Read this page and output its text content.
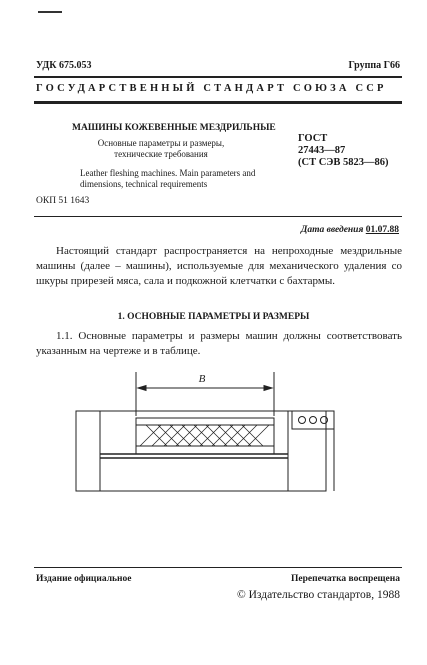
УДК 675.053	Группа Г66
ГОСУДАРСТВЕННЫЙ СТАНДАРТ СОЮЗА ССР
МАШИНЫ КОЖЕВЕННЫЕ МЕЗДРИЛЬНЫЕ
Основные параметры и размеры,
технические требования
Leather fleshing machines. Main parameters and
dimensions, technical requirements
ОКП 51 1643
ГОСТ
27443—87
(СТ СЭВ 5823—86)
Дата введения 01.07.88
Настоящий стандарт распространяется на непроходные мездрильные машины (далее – машины), используемые для механического удаления со шкуры прирезей мяса, сала и подкожной клетчатки с бахтармы.
1. ОСНОВНЫЕ ПАРАМЕТРЫ И РАЗМЕРЫ
1.1. Основные параметры и размеры машин должны соответствовать указанным на чертеже и в таблице.
B
Издание официальное	Перепечатка воспрещена
© Издательство стандартов, 1988
